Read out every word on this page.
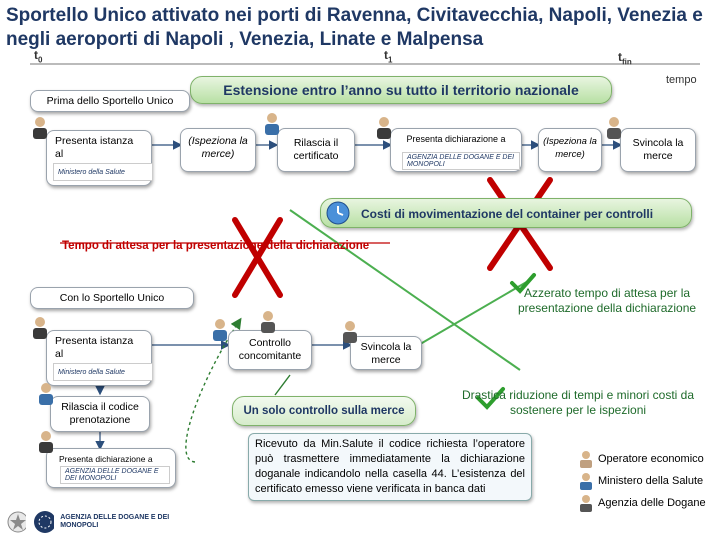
Sportello Unico attivato nei porti di Ravenna, Civitavecchia, Napoli, Venezia e negli aeroporti di Napoli , Venezia, Linate e Malpensa
$t_0$	$t_1$	$t_{fin}$
tempo
Estensione entro l’anno su tutto il territorio nazionale
Prima dello Sportello Unico
Presenta istanza al
Ministero della Salute
(Ispeziona la merce)
Rilascia il certificato
Presenta dichiarazione a
AGENZIA DELLE DOGANE E DEI MONOPOLI
(Ispeziona la merce)
Svincola la merce
Costi di movimentazione del container per controlli
Tempo di attesa per la presentazione della dichiarazione
Con lo Sportello Unico	Azzerato tempo di attesa per la presentazione della dichiarazione
Presenta istanza al
Ministero della Salute
Controllo concomitante
Svincola la merce
Rilascia il codice prenotazione
Presenta dichiarazione a
AGENZIA DELLE DOGANE E DEI MONOPOLI
Un solo controllo sulla merce
Drastica riduzione di tempi e minori costi da sostenere per le ispezioni
Ricevuto da Min.Salute il codice richiesta l’operatore può trasmettere immediatamente la dichiarazione doganale indicandolo nella casella 44. L’esistenza del certificato emesso viene verificata in banca dati
Operatore economico
Ministero della Salute
Agenzia delle Dogane
AGENZIA DELLE DOGANE E DEI MONOPOLI
